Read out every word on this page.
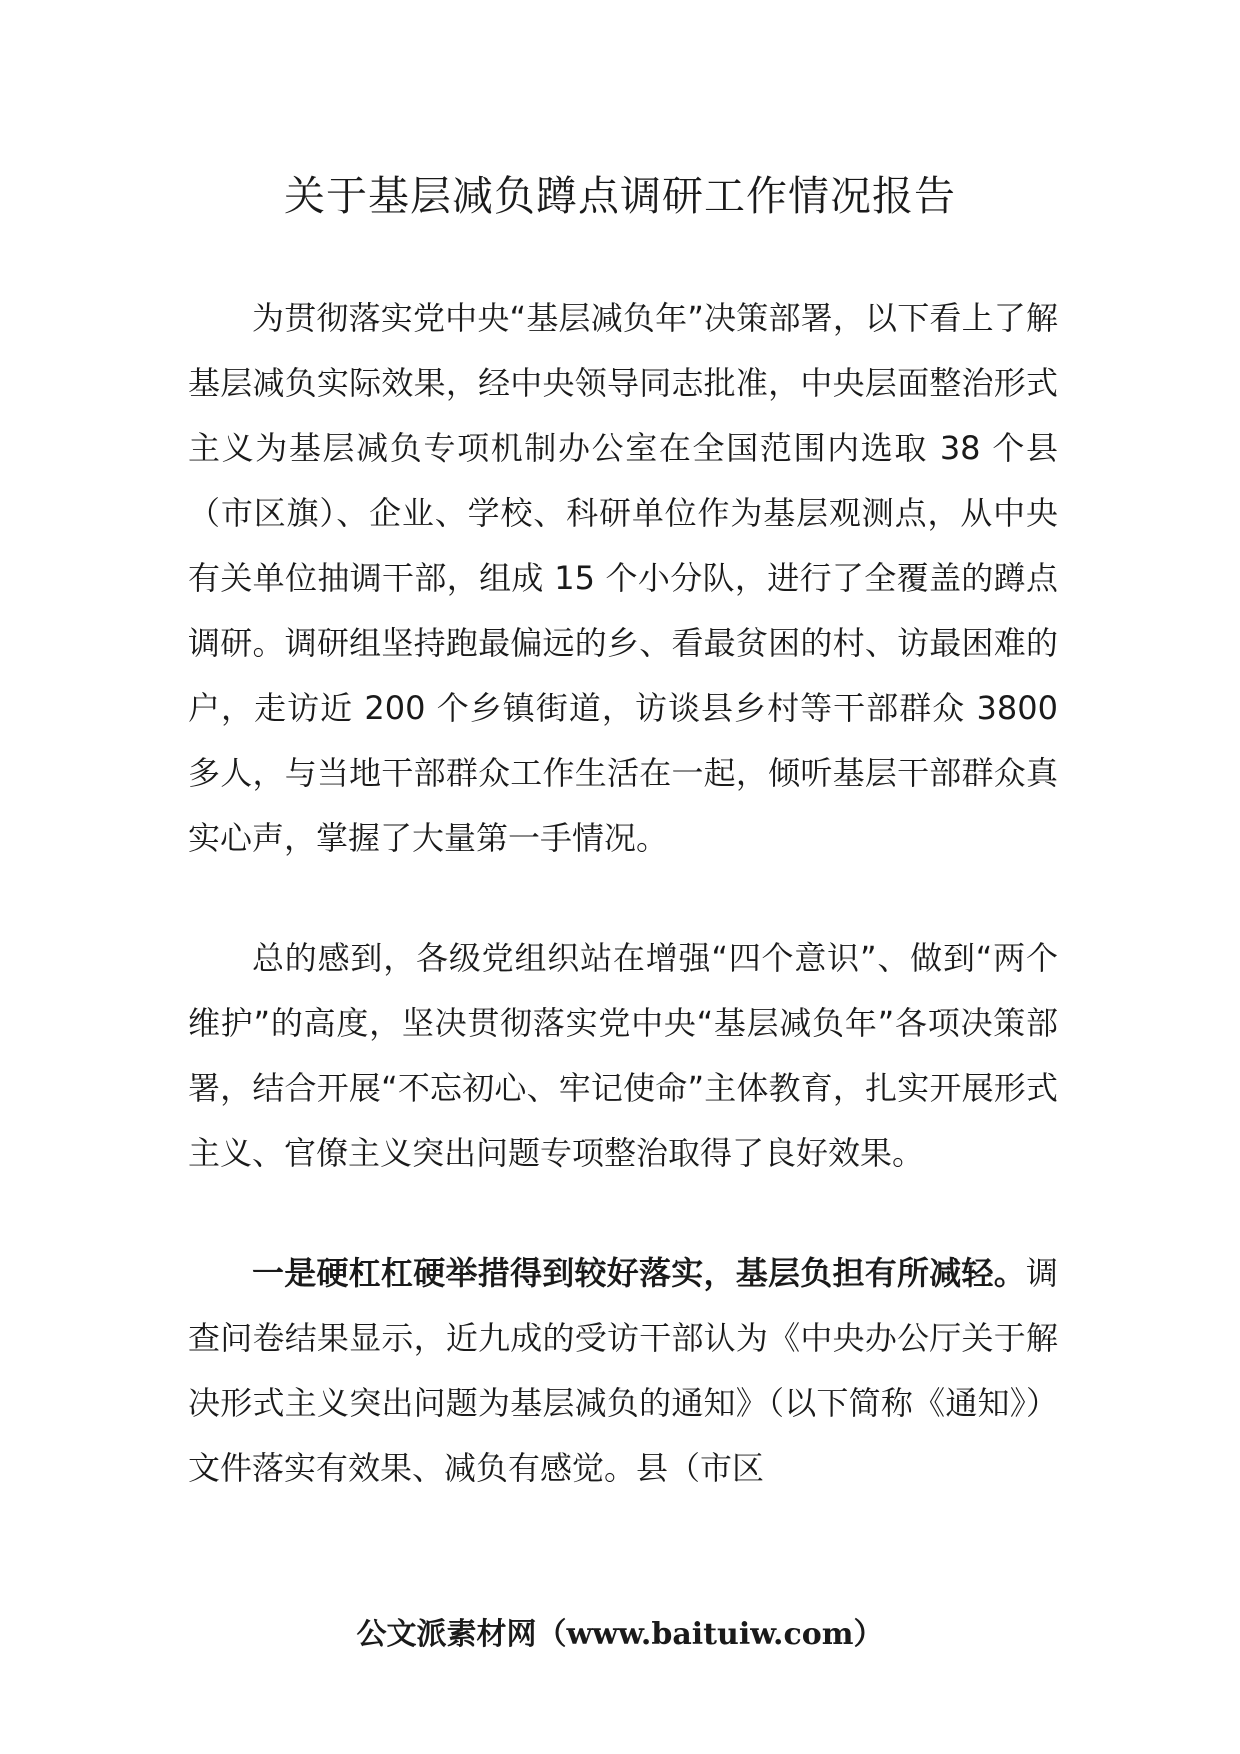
关于基层减负蹲点调研工作情况报告

为贯彻落实党中央“基层减负年”决策部署，以下看上了解基层减负实际效果，经中央领导同志批准，中央层面整治形式主义为基层减负专项机制办公室在全国范围内选取 38 个县（市区旗）、企业、学校、科研单位作为基层观测点，从中央有关单位抽调干部，组成 15 个小分队，进行了全覆盖的蹲点调研。调研组坚持跑最偏远的乡、看最贫困的村、访最困难的户，走访近 200 个乡镇街道，访谈县乡村等干部群众 3800 多人，与当地干部群众工作生活在一起，倾听基层干部群众真实心声，掌握了大量第一手情况。

总的感到，各级党组织站在增强“四个意识”、做到“两个维护”的高度，坚决贯彻落实党中央“基层减负年”各项决策部署，结合开展“不忘初心、牢记使命”主体教育，扎实开展形式主义、官僚主义突出问题专项整治取得了良好效果。

一是硬杠杠硬举措得到较好落实，基层负担有所减轻。调查问卷结果显示，近九成的受访干部认为《中央办公厅关于解决形式主义突出问题为基层减负的通知》（以下简称《通知》）文件落实有效果、减负有感觉。县（市区

公文派素材网（www.baituiw.com）
